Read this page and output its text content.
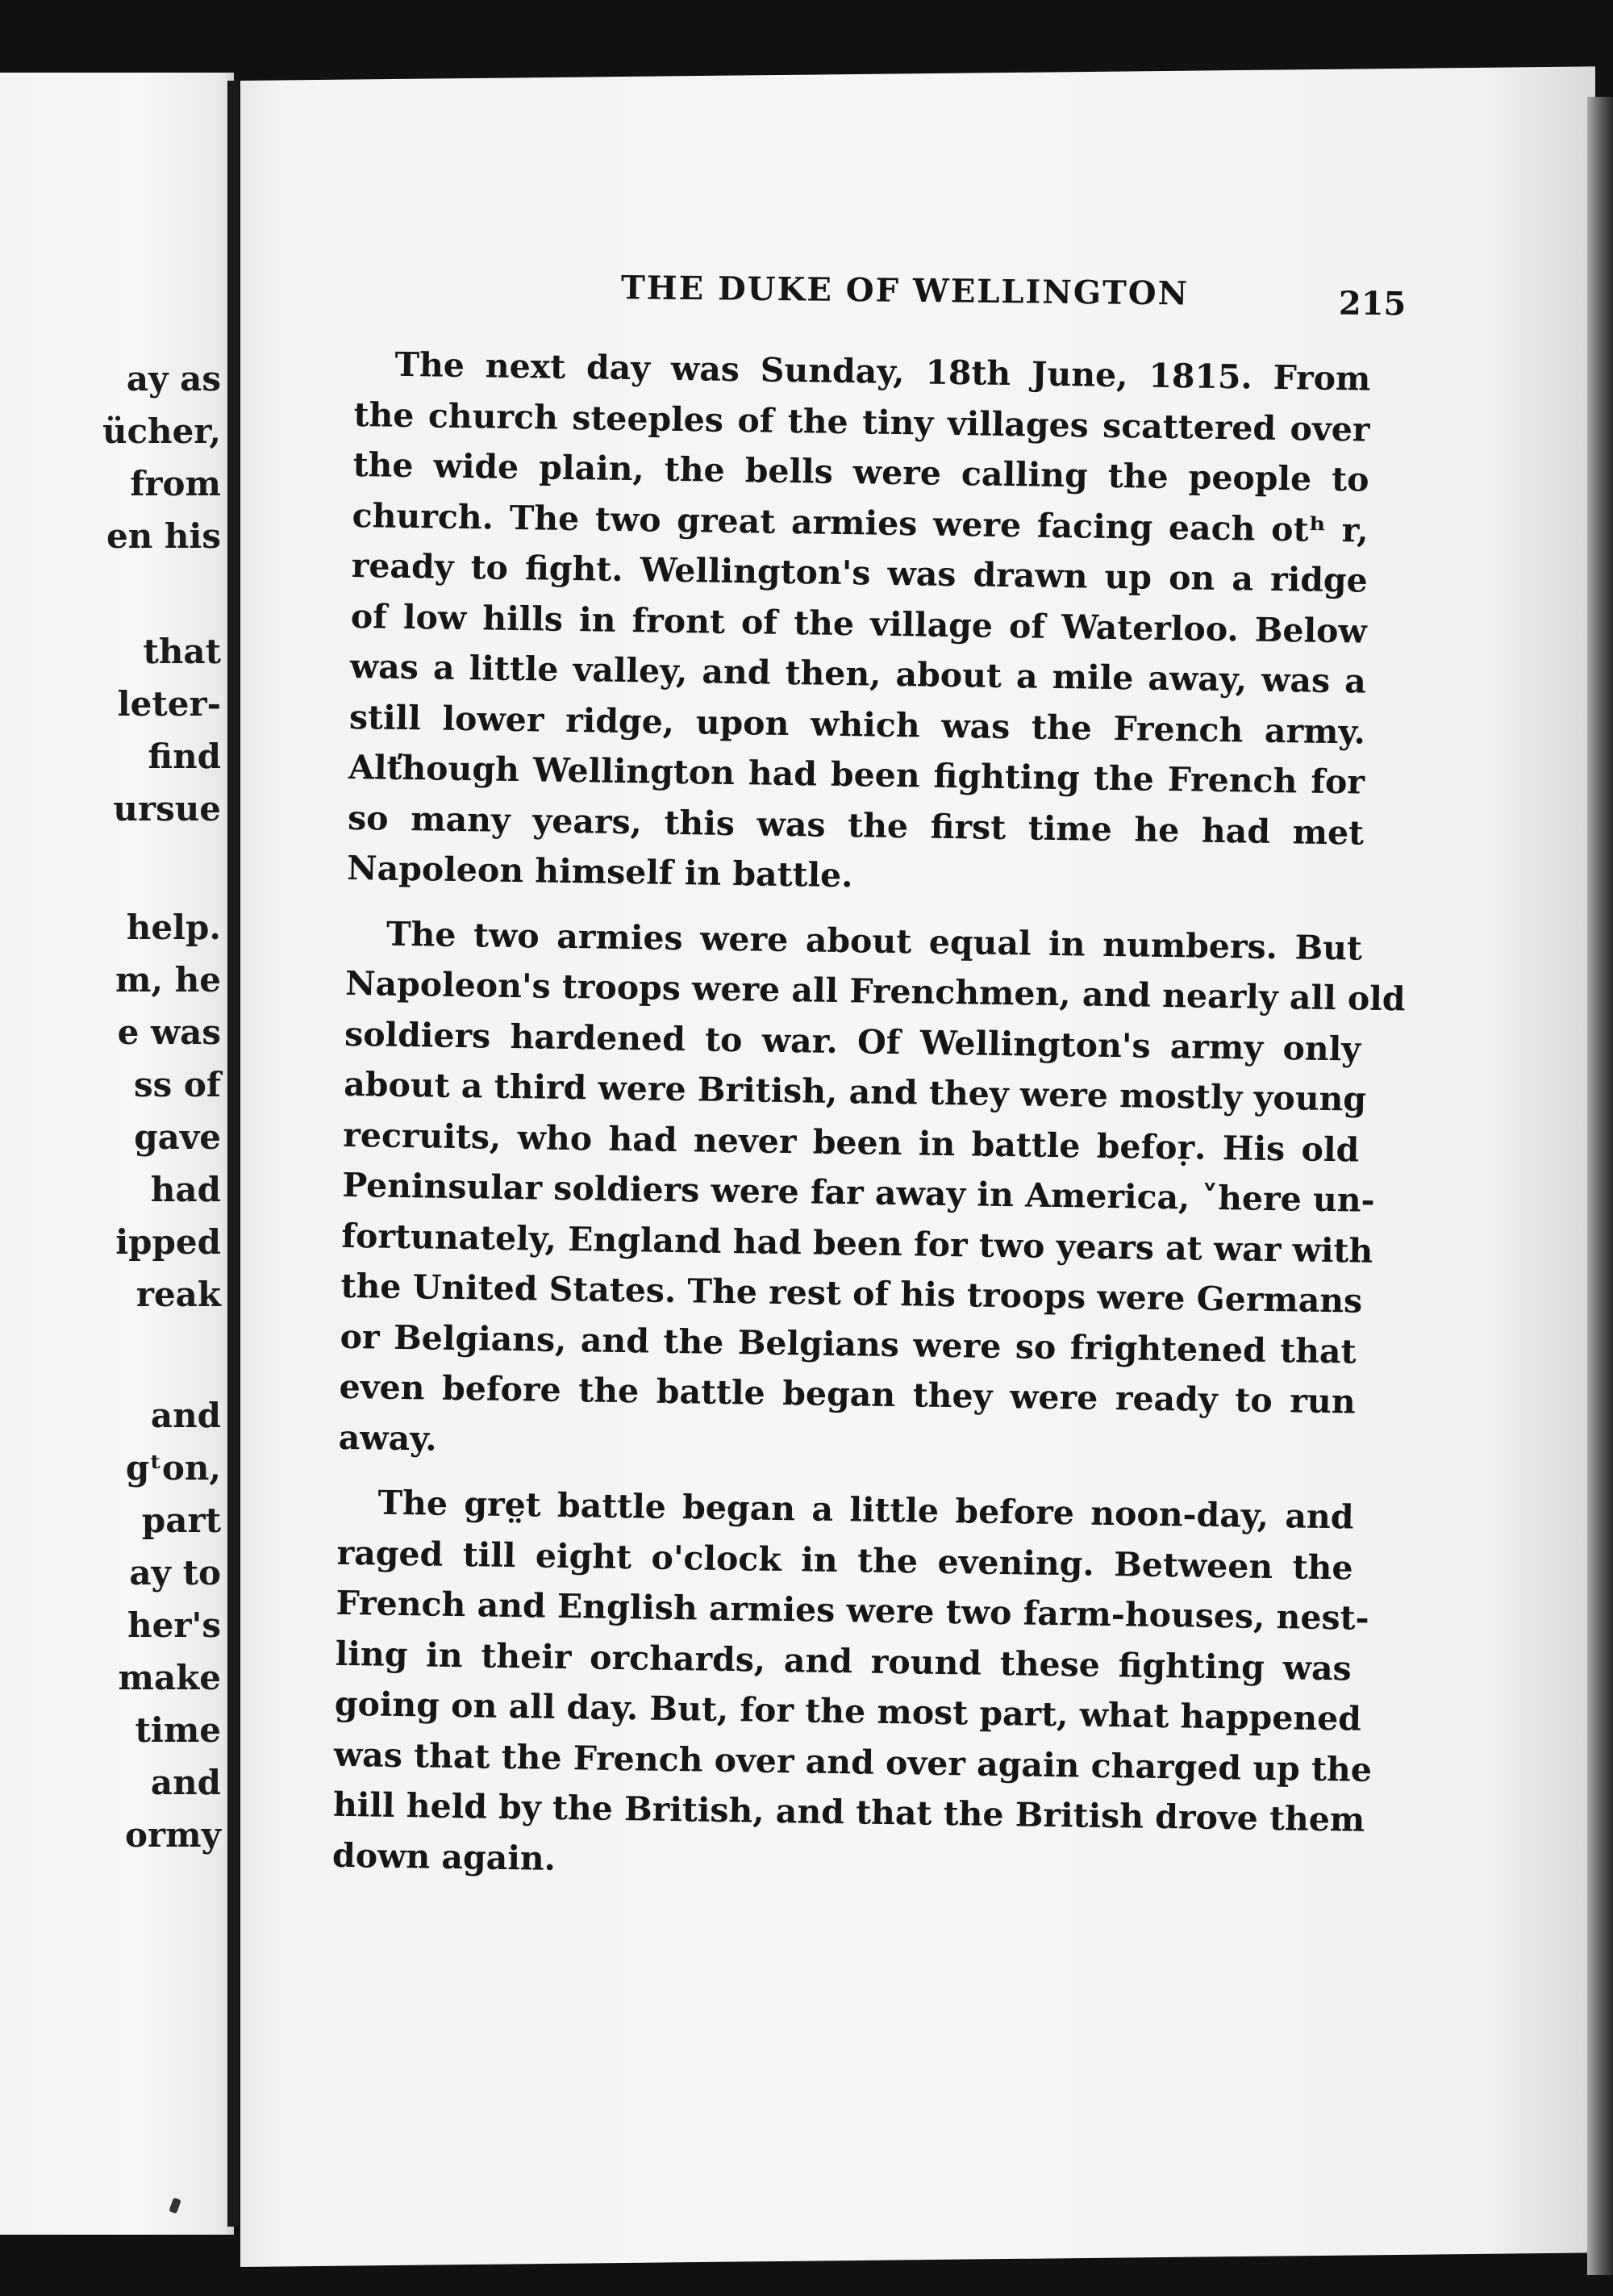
ay as
ücher,
from
en his
that
leter-
find
ursue
help.
m, he
e was
ss of
gave
had
ipped
reak
and
gᵗon,
part
ay to
her's
make
time
and
ormy
THE DUKE OF WELLINGTON	215
The next day was Sunday, 18th June, 1815. From
the church steeples of the tiny villages scattered over
the wide plain, the bells were calling the people to
church. The two great armies were facing each otʰ r,
ready to fight. Wellington's was drawn up on a ridge
of low hills in front of the village of Waterloo. Below
was a little valley, and then, about a mile away, was a
still lower ridge, upon which was the French army.
Alťhough Wellington had been fighting the French for
so many years, this was the first time he had met
Napoleon himself in battle.
The two armies were about equal in numbers. But
Napoleon's troops were all Frenchmen, and nearly all old
soldiers hardened to war. Of Wellington's army only
about a third were British, and they were mostly young
recruits, who had never been in battle befoṛ. His old
Peninsular soldiers were far away in America, ˅here un-
fortunately, England had been for two years at war with
the United States. The rest of his troops were Germans
or Belgians, and the Belgians were so frightened that
even before the battle began they were ready to run
away.
The gre̤t battle began a little before noon-day, and
raged till eight o'clock in the evening. Between the
French and English armies were two farm-houses, nest-
ling in their orchards, and round these fighting was
going on all day. But, for the most part, what happened
was that the French over and over again charged up the
hill held by the British, and that the British drove them
down again.
